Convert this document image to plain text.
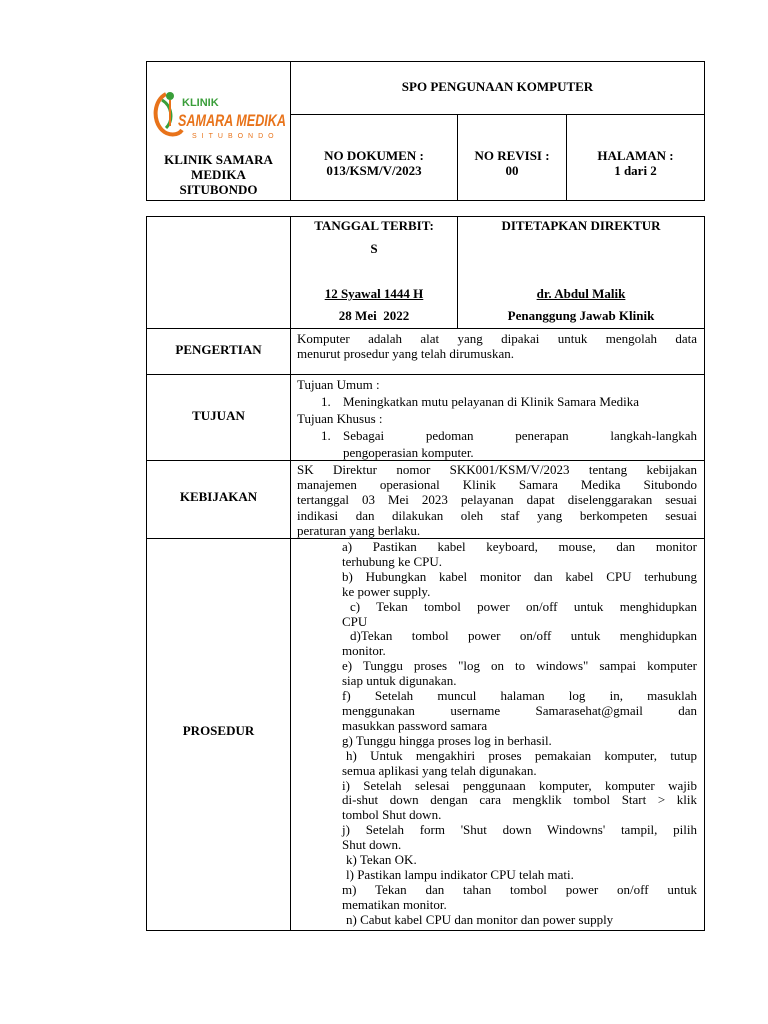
KLINIK
SAMARA MEDIKA
SITUBONDO
KLINIK SAMARA
MEDIKA
SITUBONDO
SPO PENGUNAAN KOMPUTER
NO DOKUMEN :
013/KSM/V/2023
NO REVISI :
00
HALAMAN :
1 dari 2
TANGGAL TERBIT:
S
12 Syawal 1444 H
28 Mei  2022
DITETAPKAN DIREKTUR
dr. Abdul Malik
Penanggung Jawab Klinik
PENGERTIAN
Komputer adalah alat yang dipakai untuk mengolah data
menurut prosedur yang telah dirumuskan.
TUJUAN
Tujuan Umum :
1. Meningkatkan mutu pelayanan di Klinik Samara Medika
Tujuan Khusus :
1. Sebagai pedoman penerapan langkah-langkah
pengoperasian komputer.
KEBIJAKAN
SK Direktur nomor SKK001/KSM/V/2023 tentang kebijakan
manajemen operasional Klinik Samara Medika Situbondo
tertanggal 03 Mei 2023 pelayanan dapat diselenggarakan sesuai
indikasi dan dilakukan oleh staf yang berkompeten sesuai
peraturan yang berlaku.
PROSEDUR
a) Pastikan kabel keyboard, mouse, dan monitor
terhubung ke CPU.
b) Hubungkan kabel monitor dan kabel CPU terhubung
ke power supply.
c) Tekan tombol power on/off untuk menghidupkan
CPU
d)Tekan tombol power on/off untuk menghidupkan
monitor.
e) Tunggu proses "log on to windows" sampai komputer
siap untuk digunakan.
f) Setelah muncul halaman log in, masuklah
menggunakan username Samarasehat@gmail dan
masukkan password samara
g) Tunggu hingga proses log in berhasil.
h) Untuk mengakhiri proses pemakaian komputer, tutup
semua aplikasi yang telah digunakan.
i) Setelah selesai penggunaan komputer, komputer wajib
di-shut down dengan cara mengklik tombol Start > klik
tombol Shut down.
j) Setelah form 'Shut down Windowns' tampil, pilih
Shut down.
k) Tekan OK.
l) Pastikan lampu indikator CPU telah mati.
m) Tekan dan tahan tombol power on/off untuk
mematikan monitor.
n) Cabut kabel CPU dan monitor dan power supply
